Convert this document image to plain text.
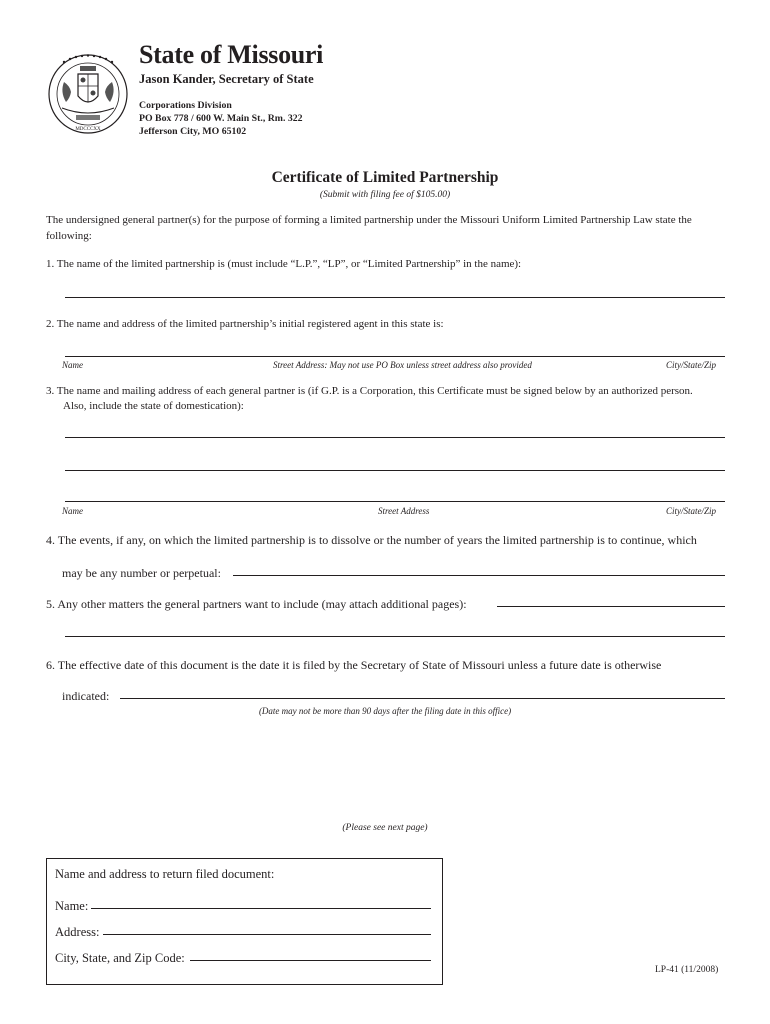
MDCCCXX
State of Missouri
Jason Kander, Secretary of State
Corporations Division
PO Box 778 / 600 W. Main St., Rm. 322
Jefferson City, MO 65102
Certificate of Limited Partnership
(Submit with filing fee of $105.00)
The undersigned general partner(s) for the purpose of forming a limited partnership under the Missouri Uniform Limited Partnership Law state the following:
1. The name of the limited partnership is (must include “L.P.”, “LP”, or “Limited Partnership” in the name):
2. The name and address of the limited partnership’s initial registered agent in this state is:
Name	Street Address: May not use PO Box unless street address also provided	City/State/Zip
3. The name and mailing address of each general partner is (if G.P. is a Corporation, this Certificate must be signed below by an authorized person.
Also, include the state of domestication):
Name	Street Address	City/State/Zip
4. The events, if any, on which the limited partnership is to dissolve or the number of years the limited partnership is to continue, which
may be any number or perpetual:
5. Any other matters the general partners want to include (may attach additional pages):
6. The effective date of this document is the date it is filed by the Secretary of State of Missouri unless a future date is otherwise
indicated:
(Date may not be more than 90 days after the filing date in this office)
(Please see next page)
Name and address to return filed document:
Name:
Address:
City, State, and Zip Code:
LP-41 (11/2008)
